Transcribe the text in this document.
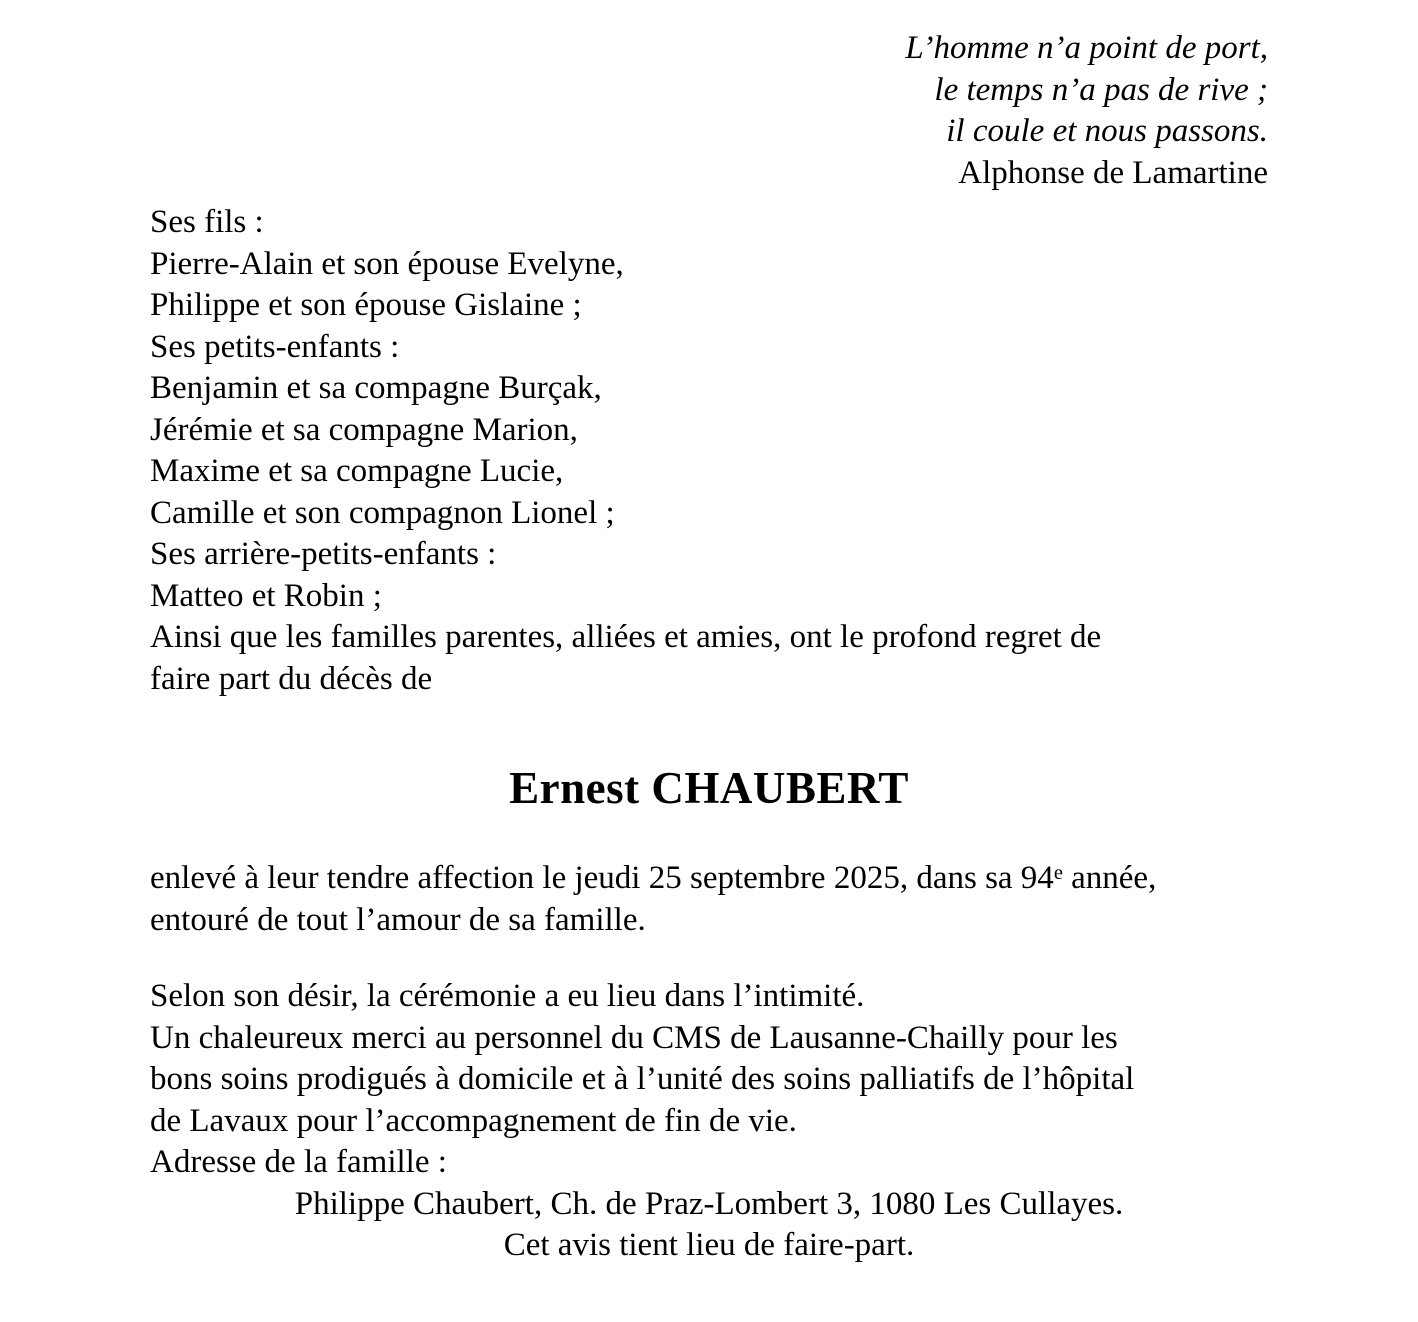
L’homme n’a point de port,
le temps n’a pas de rive ;
il coule et nous passons.
Alphonse de Lamartine
Ses fils :
Pierre-Alain et son épouse Evelyne,
Philippe et son épouse Gislaine ;
Ses petits-enfants :
Benjamin et sa compagne Burçak,
Jérémie et sa compagne Marion,
Maxime et sa compagne Lucie,
Camille et son compagnon Lionel ;
Ses arrière-petits-enfants :
Matteo et Robin ;
Ainsi que les familles parentes, alliées et amies, ont le profond regret de
faire part du décès de
Ernest CHAUBERT
enlevé à leur tendre affection le jeudi 25 septembre 2025, dans sa 94e année,
entouré de tout l’amour de sa famille.
Selon son désir, la cérémonie a eu lieu dans l’intimité.
Un chaleureux merci au personnel du CMS de Lausanne-Chailly pour les
bons soins prodigués à domicile et à l’unité des soins palliatifs de l’hôpital
de Lavaux pour l’accompagnement de fin de vie.
Adresse de la famille :
Philippe Chaubert, Ch. de Praz-Lombert 3, 1080 Les Cullayes.
Cet avis tient lieu de faire-part.
